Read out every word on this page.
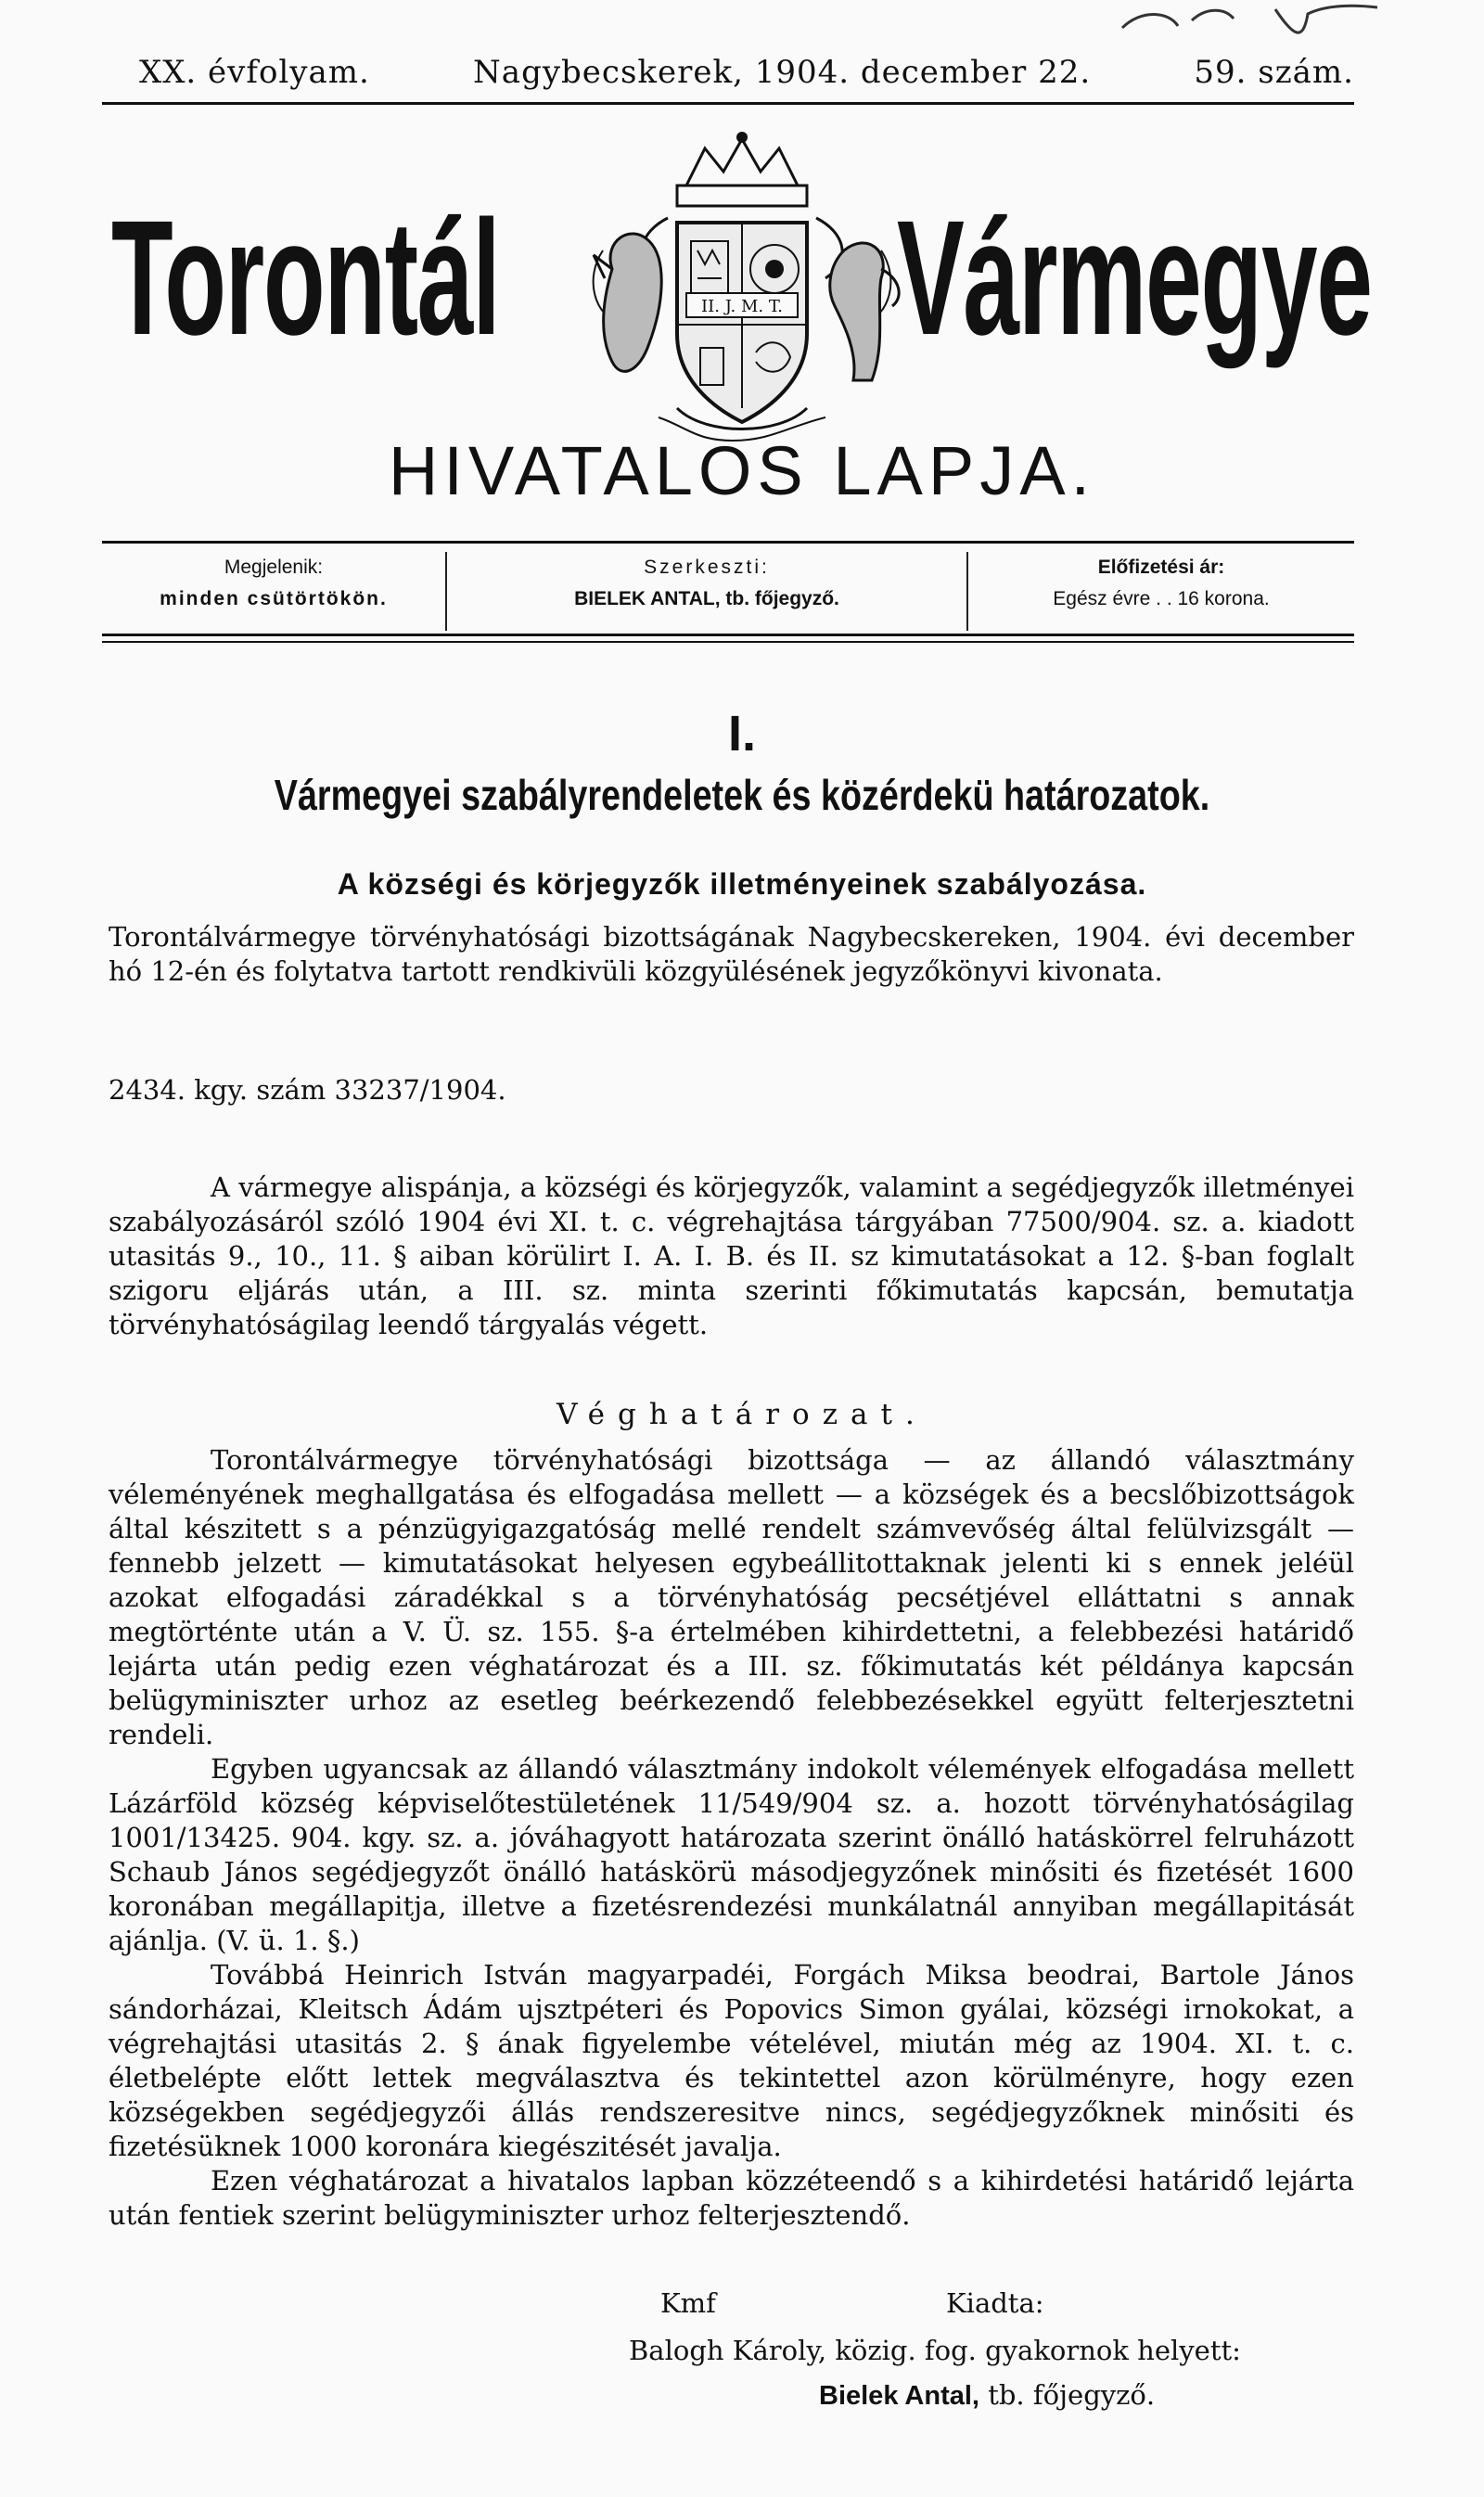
XX. évfolyam.	Nagybecskerek, 1904. december 22.	59. szám.
Torontál Vármegye
II. J. M. T.
HIVATALOS LAPJA.
Megjelenik:
minden csütörtökön.
Szerkeszti:
BIELEK ANTAL, tb. főjegyző.
Előfizetési ár:
Egész évre . . 16 korona.
I.
Vármegyei szabályrendeletek és közérdekü határozatok.
A községi és körjegyzők illetményeinek szabályozása.

Torontálvármegye törvényhatósági bizottságának Nagybecskereken, 1904. évi december hó 12-én és folytatva tartott rendkivüli közgyülésének jegyzőkönyvi kivonata.

2434. kgy. szám 33237/1904.

A vármegye alispánja, a községi és körjegyzők, valamint a segédjegyzők illetményei szabályozásáról szóló 1904 évi XI. t. c. végrehajtása tárgyában 77500/904. sz. a. kiadott utasitás 9., 10., 11. § aiban körülirt I. A. I. B. és II. sz kimutatásokat a 12. §-ban foglalt szigoru eljárás után, a III. sz. minta szerinti főkimutatás kapcsán, bemutatja törvényhatóságilag leendő tárgyalás végett.

Véghatározat.

Torontálvármegye törvényhatósági bizottsága — az állandó választmány véleményének meghallgatása és elfogadása mellett — a községek és a becslőbizottságok által készitett s a pénzügyigazgatóság mellé rendelt számvevőség által felülvizsgált — fennebb jelzett — kimutatásokat helyesen egybeállitottaknak jelenti ki s ennek jeléül azokat elfogadási záradékkal s a törvényhatóság pecsétjével elláttatni s annak megtörténte után a V. Ü. sz. 155. §-a értelmében kihirdettetni, a felebbezési határidő lejárta után pedig ezen véghatározat és a III. sz. főkimutatás két példánya kapcsán belügyminiszter urhoz az esetleg beérkezendő felebbezésekkel együtt felterjesztetni rendeli.

Egyben ugyancsak az állandó választmány indokolt vélemények elfogadása mellett Lázárföld község képviselőtestületének 11/549/904 sz. a. hozott törvényhatóságilag 1001/13425. 904. kgy. sz. a. jóváhagyott határozata szerint önálló hatáskörrel felruházott Schaub János segédjegyzőt önálló hatáskörü másodjegyzőnek minősiti és fizetését 1600 koronában megállapitja, illetve a fizetésrendezési munkálatnál annyiban megállapitását ajánlja. (V. ü. 1. §.)

Továbbá Heinrich István magyarpadéi, Forgách Miksa beodrai, Bartole János sándorházai, Kleitsch Ádám ujsztpéteri és Popovics Simon gyálai, községi irnokokat, a végrehajtási utasitás 2. § ának figyelembe vételével, miután még az 1904. XI. t. c. életbelépte előtt lettek megválasztva és tekintettel azon körülményre, hogy ezen községekben segédjegyzői állás rendszeresitve nincs, segédjegyzőknek minősiti és fizetésüknek 1000 koronára kiegészitését javalja.

Ezen véghatározat a hivatalos lapban közzéteendő s a kihirdetési határidő lejárta után fentiek szerint belügyminiszter urhoz felterjesztendő.

Kmf	Kiadta:
Balogh Károly, közig. fog. gyakornok helyett:
Bielek Antal, tb. főjegyző.
